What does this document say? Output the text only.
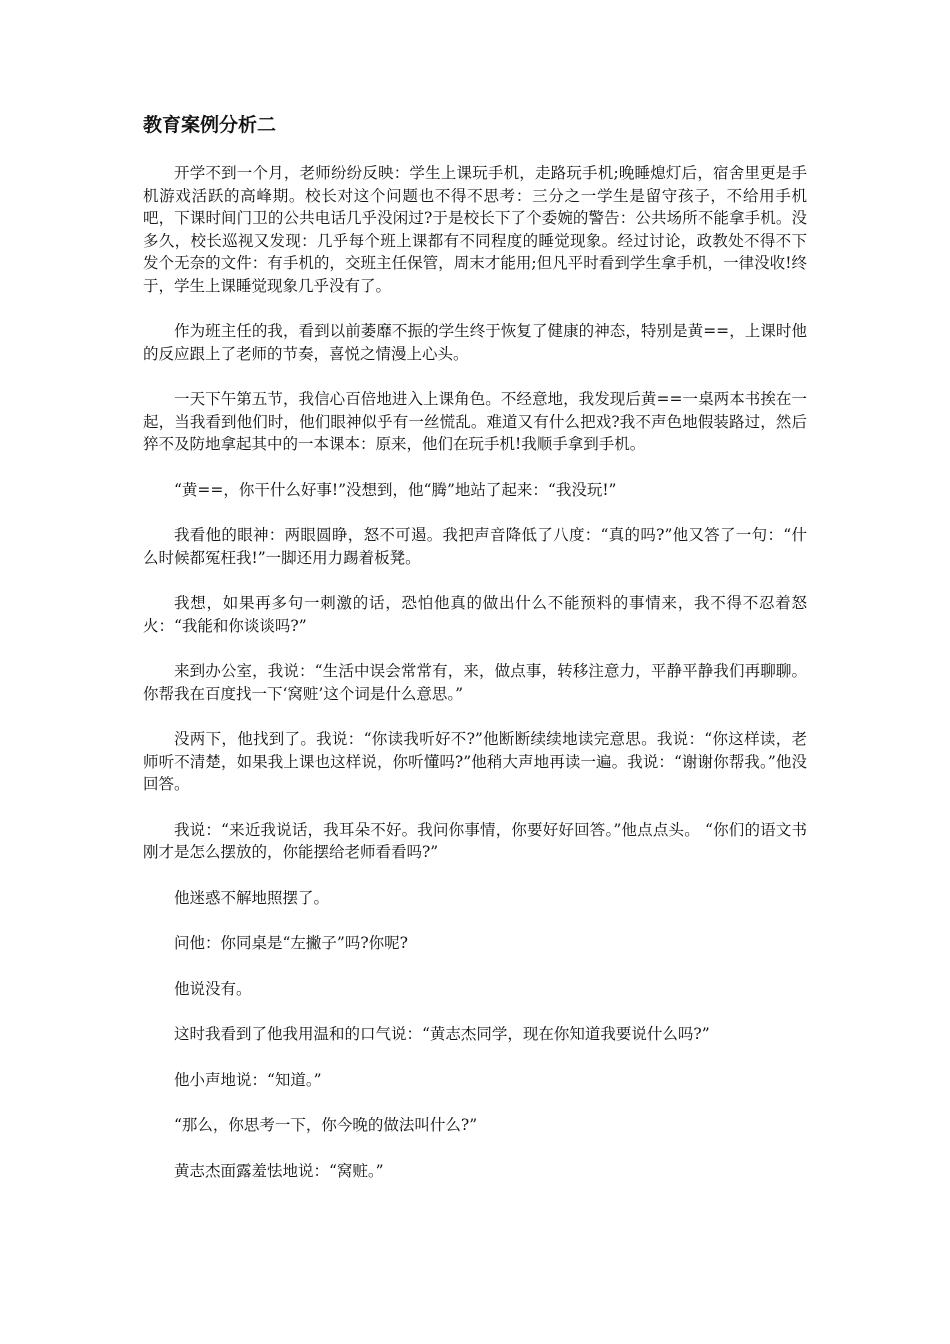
教育案例分析二

开学不到一个月，老师纷纷反映：学生上课玩手机，走路玩手机;晚睡熄灯后，宿舍里更是手机游戏活跃的高峰期。校长对这个问题也不得不思考：三分之一学生是留守孩子，不给用手机吧，下课时间门卫的公共电话几乎没闲过?于是校长下了个委婉的警告：公共场所不能拿手机。没多久，校长巡视又发现：几乎每个班上课都有不同程度的睡觉现象。经过讨论，政教处不得不下发个无奈的文件：有手机的，交班主任保管，周末才能用;但凡平时看到学生拿手机，一律没收!终于，学生上课睡觉现象几乎没有了。

作为班主任的我，看到以前萎靡不振的学生终于恢复了健康的神态，特别是黄==，上课时他的反应跟上了老师的节奏，喜悦之情漫上心头。

一天下午第五节，我信心百倍地进入上课角色。不经意地，我发现后黄==一桌两本书挨在一起，当我看到他们时，他们眼神似乎有一丝慌乱。难道又有什么把戏?我不声色地假装路过，然后猝不及防地拿起其中的一本课本：原来，他们在玩手机!我顺手拿到手机。

“黄==，你干什么好事!”没想到，他“腾”地站了起来：“我没玩!”

我看他的眼神：两眼圆睁，怒不可遏。我把声音降低了八度：“真的吗?”他又答了一句：“什么时候都冤枉我!”一脚还用力踢着板凳。

我想，如果再多句一刺激的话，恐怕他真的做出什么不能预料的事情来，我不得不忍着怒火：“我能和你谈谈吗?”

来到办公室，我说：“生活中误会常常有，来，做点事，转移注意力，平静平静我们再聊聊。你帮我在百度找一下‘窝赃’这个词是什么意思。”

没两下，他找到了。我说：“你读我听好不?”他断断续续地读完意思。我说：“你这样读，老师听不清楚，如果我上课也这样说，你听懂吗?”他稍大声地再读一遍。我说：“谢谢你帮我。”他没回答。

我说：“来近我说话，我耳朵不好。我问你事情，你要好好回答。”他点点头。 “你们的语文书刚才是怎么摆放的，你能摆给老师看看吗?”

他迷惑不解地照摆了。

问他：你同桌是“左撇子”吗?你呢?

他说没有。

这时我看到了他我用温和的口气说：“黄志杰同学，现在你知道我要说什么吗?”

他小声地说：“知道。”

“那么，你思考一下，你今晚的做法叫什么?”

黄志杰面露羞怯地说：“窝赃。”
